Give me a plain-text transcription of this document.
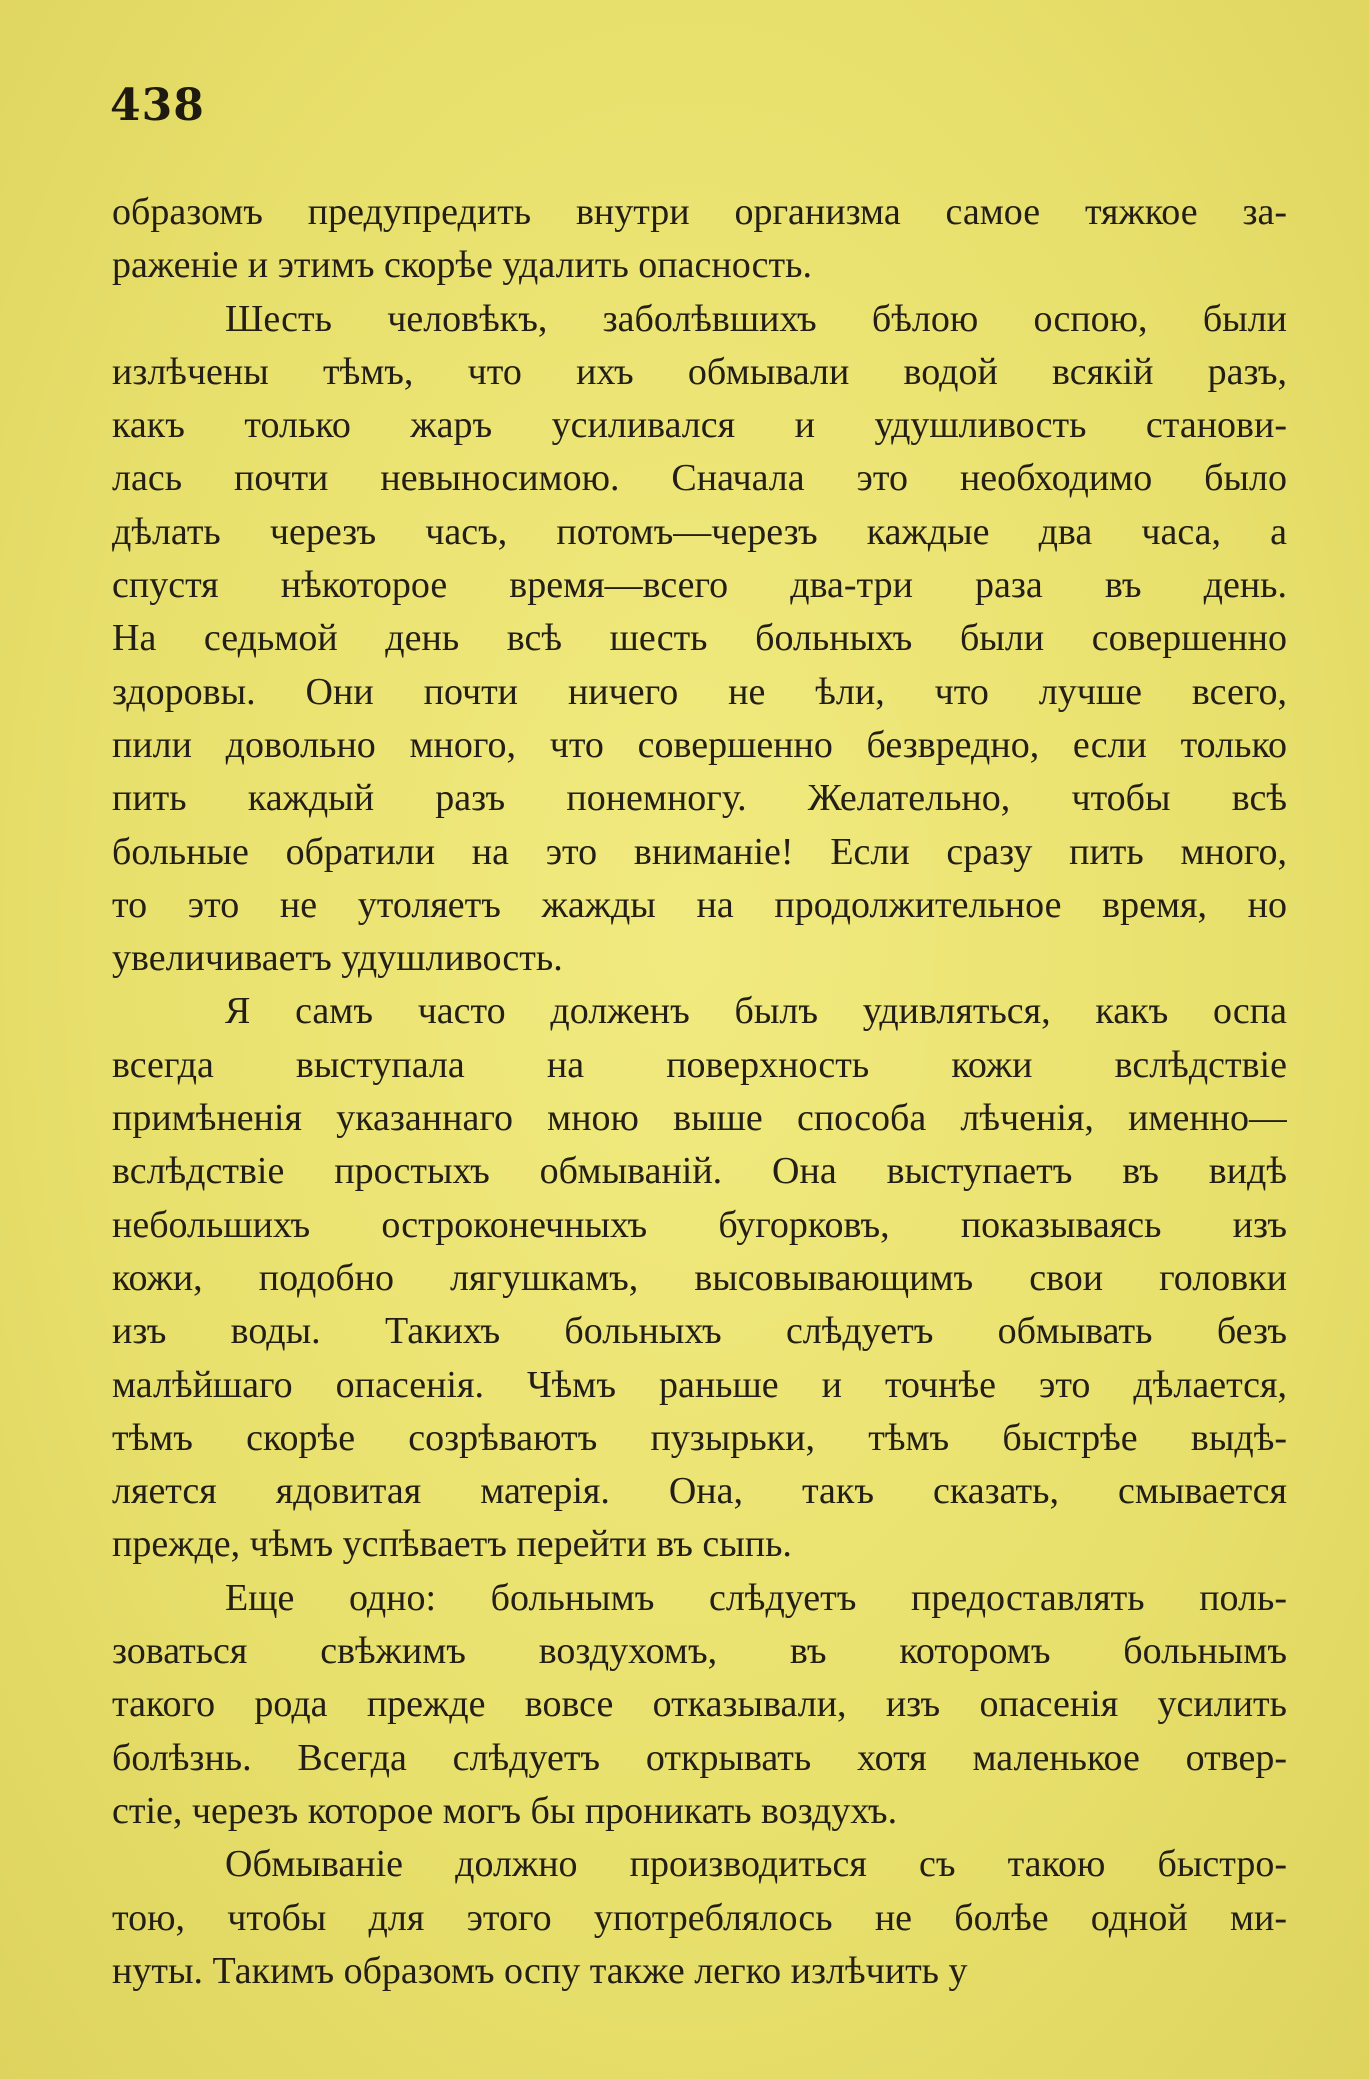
438
образомъ предупредить внутри организма самое тяжкое за-
раженіе и этимъ скорѣе удалить опасность.
Шесть человѣкъ, заболѣвшихъ бѣлою оспою, были
излѣчены тѣмъ, что ихъ обмывали водой всякій разъ,
какъ только жаръ усиливался и удушливость станови-
лась почти невыносимою. Сначала это необходимо было
дѣлать черезъ часъ, потомъ—черезъ каждые два часа, а
спустя нѣкоторое время—всего два-три раза въ день.
На седьмой день всѣ шесть больныхъ были совершенно
здоровы. Они почти ничего не ѣли, что лучше всего,
пили довольно много, что совершенно безвредно, если только
пить каждый разъ понемногу. Желательно, чтобы всѣ
больные обратили на это вниманіе! Если сразу пить много,
то это не утоляетъ жажды на продолжительное время, но
увеличиваетъ удушливость.
Я самъ часто долженъ былъ удивляться, какъ оспа
всегда выступала на поверхность кожи вслѣдствіе
примѣненія указаннаго мною выше способа лѣченія, именно—
вслѣдствіе простыхъ обмываній. Она выступаетъ въ видѣ
небольшихъ остроконечныхъ бугорковъ, показываясь изъ
кожи, подобно лягушкамъ, высовывающимъ свои головки
изъ воды. Такихъ больныхъ слѣдуетъ обмывать безъ
малѣйшаго опасенія. Чѣмъ раньше и точнѣе это дѣлается,
тѣмъ скорѣе созрѣваютъ пузырьки, тѣмъ быстрѣе выдѣ-
ляется ядовитая матерія. Она, такъ сказать, смывается
прежде, чѣмъ успѣваетъ перейти въ сыпь.
Еще одно: больнымъ слѣдуетъ предоставлять поль-
зоваться свѣжимъ воздухомъ, въ которомъ больнымъ
такого рода прежде вовсе отказывали, изъ опасенія усилить
болѣзнь. Всегда слѣдуетъ открывать хотя маленькое отвер-
стіе, черезъ которое могъ бы проникать воздухъ.
Обмываніе должно производиться съ такою быстро-
тою, чтобы для этого употреблялось не болѣе одной ми-
нуты. Такимъ образомъ оспу также легко излѣчить у
